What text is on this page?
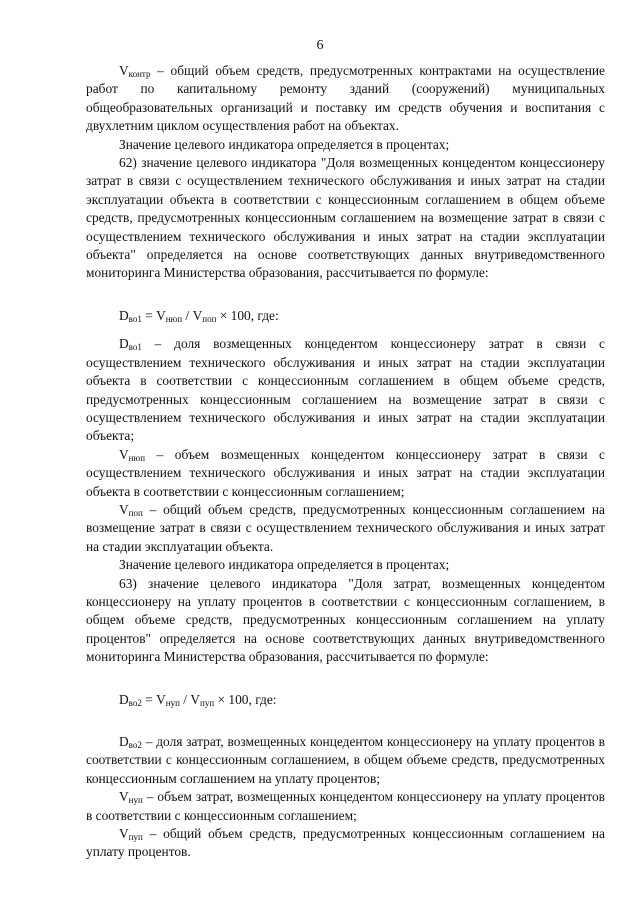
6

$V_{контр}$ – общий объем средств, предусмотренных контрактами на осуществление работ по капитальному ремонту зданий (сооружений) муниципальных общеобразовательных организаций и поставку им средств обучения и воспитания с двухлетним циклом осуществления работ на объектах.

Значение целевого индикатора определяется в процентах;

62) значение целевого индикатора "Доля возмещенных концедентом концессионеру затрат в связи с осуществлением технического обслуживания и иных затрат на стадии эксплуатации объекта в соответствии с концессионным соглашением в общем объеме средств, предусмотренных концессионным соглашением на возмещение затрат в связи с осуществлением технического обслуживания и иных затрат на стадии эксплуатации объекта" определяется на основе соответствующих данных внутриведомственного мониторинга Министерства образования, рассчитывается по формуле:

$D_{во1} = V_{нюп} / V_{поп} \times 100$, где:

$D_{во1}$ – доля возмещенных концедентом концессионеру затрат в связи с осуществлением технического обслуживания и иных затрат на стадии эксплуатации объекта в соответствии с концессионным соглашением в общем объеме средств, предусмотренных концессионным соглашением на возмещение затрат в связи с осуществлением технического обслуживания и иных затрат на стадии эксплуатации объекта;

$V_{нюп}$ – объем возмещенных концедентом концессионеру затрат в связи с осуществлением технического обслуживания и иных затрат на стадии эксплуатации объекта в соответствии с концессионным соглашением;

$V_{поп}$ – общий объем средств, предусмотренных концессионным соглашением на возмещение затрат в связи с осуществлением технического обслуживания и иных затрат на стадии эксплуатации объекта.

Значение целевого индикатора определяется в процентах;

63) значение целевого индикатора "Доля затрат, возмещенных концедентом концессионеру на уплату процентов в соответствии с концессионным соглашением, в общем объеме средств, предусмотренных концессионным соглашением на уплату процентов" определяется на основе соответствующих данных внутриведомственного мониторинга Министерства образования, рассчитывается по формуле:

$D_{во2} = V_{нуп} / V_{пуп} \times 100$, где:

$D_{во2}$ – доля затрат, возмещенных концедентом концессионеру на уплату процентов в соответствии с концессионным соглашением, в общем объеме средств, предусмотренных концессионным соглашением на уплату процентов;

$V_{нуп}$ – объем затрат, возмещенных концедентом концессионеру на уплату процентов в соответствии с концессионным соглашением;

$V_{пуп}$ – общий объем средств, предусмотренных концессионным соглашением на уплату процентов.
